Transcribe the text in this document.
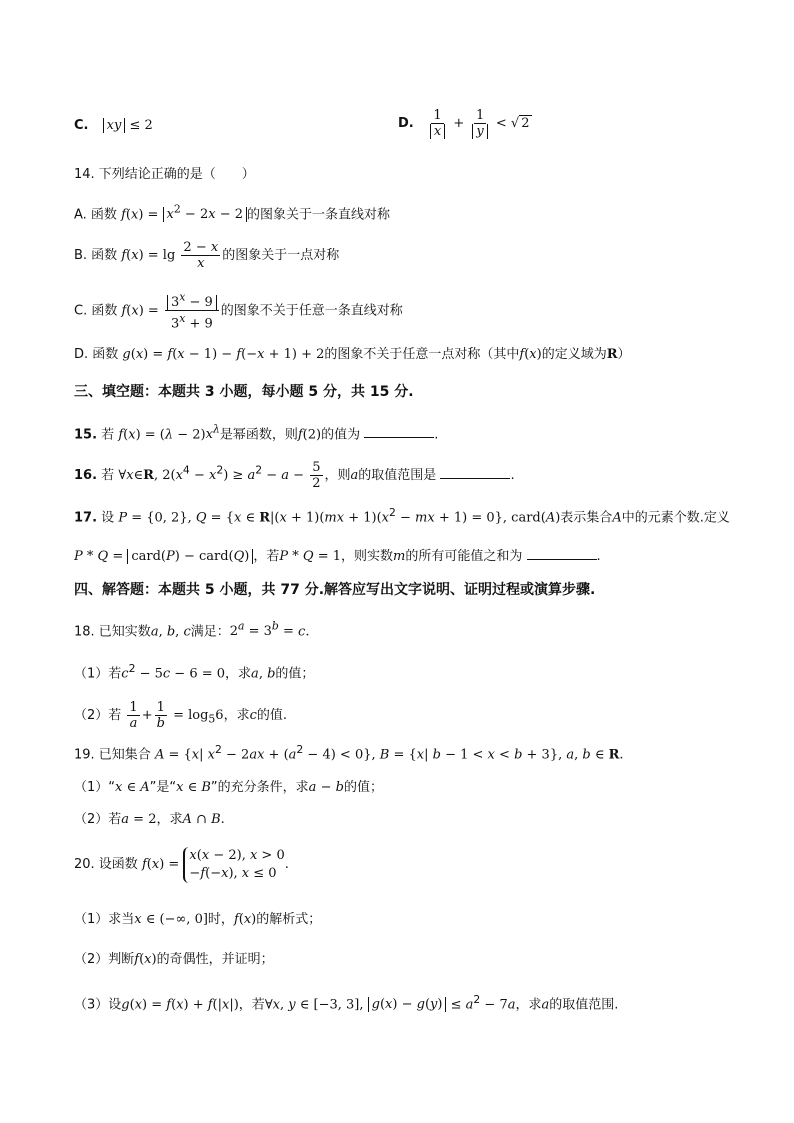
C. xy ≤ 2	D. $\frac{1}{x} + \frac{1}{y}$ < √ 2
14. 下列结论正确的是（　　）
A. 函数 $f(x) = x^2 - 2x - 2$ 的图象关于一条直线对称
B. 函数 $f(x) = \lg \frac{2 - x}{x}$ 的图象关于一点对称
C. 函数 $f(x) = \frac{3^x - 9}{3^x + 9}$ 的图象不关于任意一条直线对称
D. 函数 g(x) = f(x − 1) − f(−x + 1) + 2的图象不关于任意一点对称（其中f(x)的定义域为R）
三、填空题：本题共 3 小题，每小题 5 分，共 15 分.
15. 若 $f(x) = (\lambda - 2)x^\lambda$是幂函数，则f(2)的值为	.
16. 若 ∀x∈R, $2(x^4 - x^2) \ge a^2 - a - \frac{5}{2}$ ，则a的取值范围是	.
17. 设 P = {0, 2}, Q = {x ∈ $R|(x + 1)(mx + 1)(x^2$ − mx + 1) = 0}, card(A)表示集合A中的元素个数.定义
P * Q = card(P) − card(Q) ，若P * Q = 1，则实数m的所有可能值之和为	.
四、解答题：本题共 5 小题，共 77 分.解答应写出文字说明、证明过程或演算步骤.
18. 已知实数a, b, c满足：$2^a = 3^b = c$.
（1）若$c^2 - 5c - 6 = 0$，求a, b的值；
（2）若 $\frac{1}{a} + \frac{1}{b} = \log_56$，求c的值.
19. 已知集合 A = {x| $x^2 - 2ax + (a^2 - 4) < 0$}, B = {x| b − 1 < x < b + 3}, a, b ∈ R.
（1）“x ∈ A”是“x ∈ B”的充分条件，求a − b的值；
（2）若a = 2，求A ∩ B.
20. 设函数 f(x) =
x(x − 2), x > 0
−f(−x), x ≤ 0
.
（1）求当x ∈ (−∞, 0]时，f(x)的解析式；
（2）判断f(x)的奇偶性，并证明；
（3）设g(x) = f(x) + f(|x|)，若∀x, y ∈ [−3, 3], $g(x) - g(y) \le a^2 - 7a$，求a的取值范围.
